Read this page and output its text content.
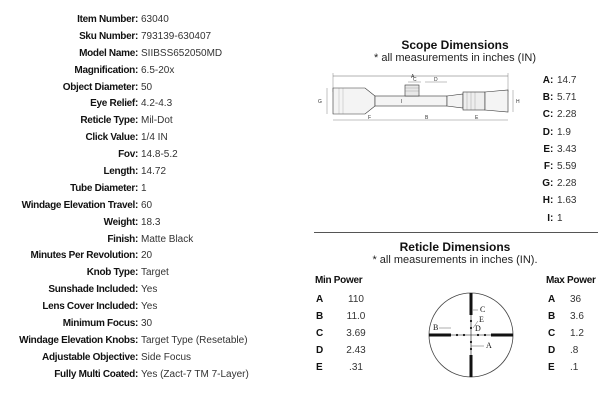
Item Number: 63040
Sku Number: 793139-630407
Model Name: SIIBSS652050MD
Magnification: 6.5-20x
Object Diameter: 50
Eye Relief: 4.2-4.3
Reticle Type: Mil-Dot
Click Value: 1/4 IN
Fov: 14.8-5.2
Length: 14.72
Tube Diameter: 1
Windage Elevation Travel: 60
Weight: 18.3
Finish: Matte Black
Minutes Per Revolution: 20
Knob Type: Target
Sunshade Included: Yes
Lens Cover Included: Yes
Minimum Focus: 30
Windage Elevation Knobs: Target Type (Resetable)
Adjustable Objective: Side Focus
Fully Multi Coated: Yes (Zact-7 TM 7-Layer)
Scope Dimensions
* all measurements in inches (IN)
A
C	D
I
G	H
F	B	E
A : 14.7
B : 5.71
C : 2.28
D : 1.9
E : 3.43
F : 5.59
G : 2.28
H : 1.63
I : 1
Reticle Dimensions
* all measurements in inches (IN).
Min Power	Max Power
A	110
B	11.0
C	3.69
D	2.43
E	.31
A	36
B	3.6
C	1.2
D	.8
E	.1
C
E
D
B
A
